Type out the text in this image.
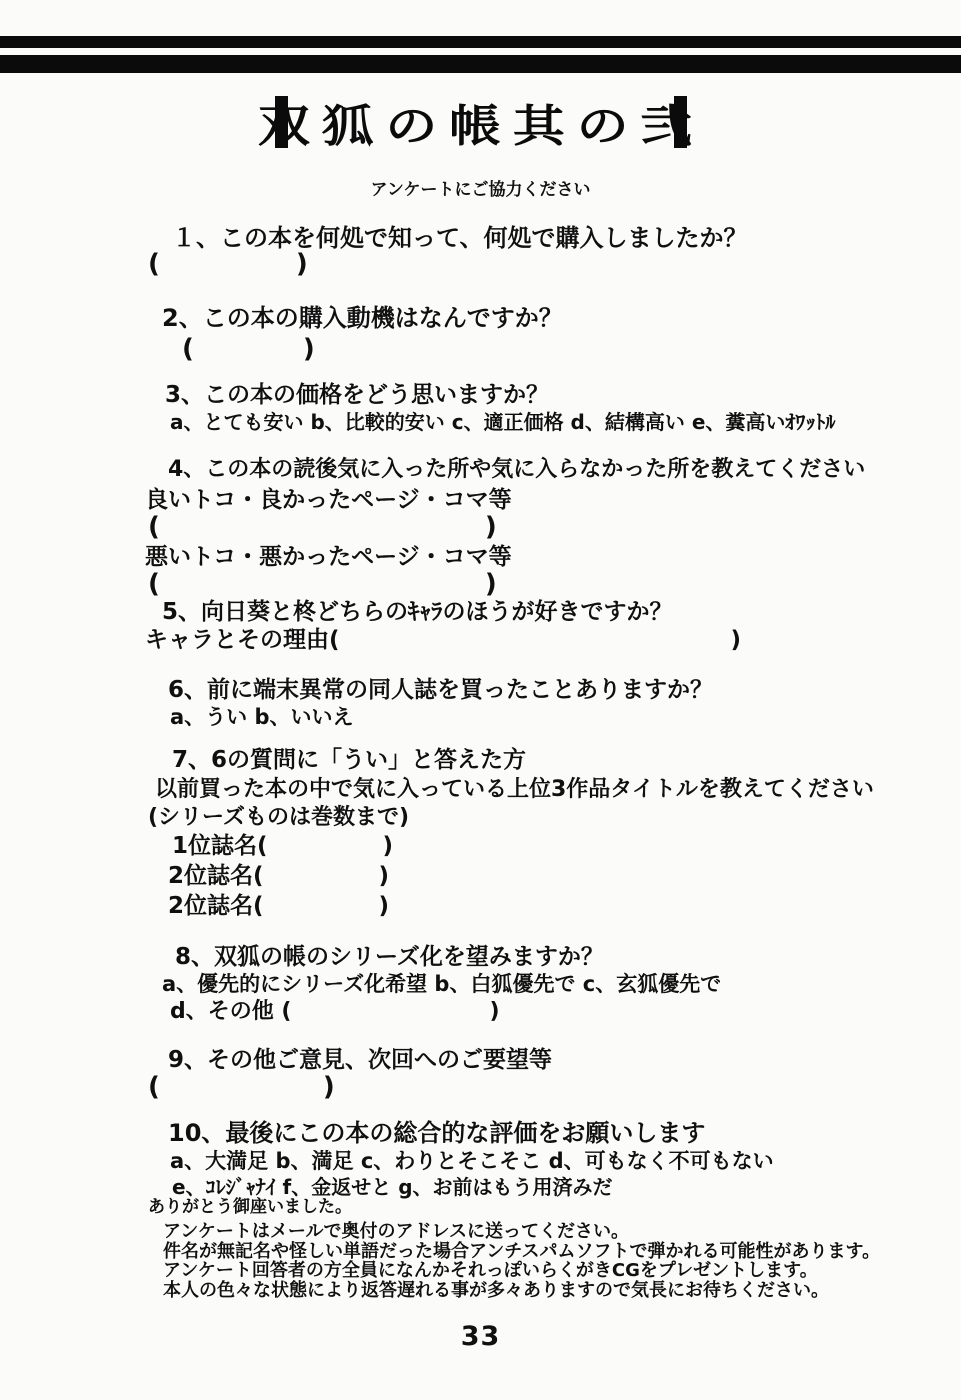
双狐の帳其の弐
アンケートにご協力ください
１、この本を何処で知って、何処で購入しましたか？
(　　　　　)
2、この本の購入動機はなんですか？
(　　　　)
3、この本の価格をどう思いますか？
a、とても安い b、比較的安い c、適正価格 d、結構高い e、糞高いｵﾜｯﾄﾙ
4、この本の読後気に入った所や気に入らなかった所を教えてください
良いトコ・良かったページ・コマ等
(　　　　　　　　　　　　)
悪いトコ・悪かったページ・コマ等
(　　　　　　　　　　　　)
5、向日葵と柊どちらのｷｬﾗのほうが好きですか？
キャラとその理由(　　　　　　　　　　　　　　　　　)
6、前に端末異常の同人誌を買ったことありますか？
a、うい b、いいえ
7、6の質問に「うい」と答えた方
以前買った本の中で気に入っている上位3作品タイトルを教えてください
(シリーズものは巻数まで)
1位誌名(　　　　　)
2位誌名(　　　　　)
2位誌名(　　　　　)
8、双狐の帳のシリーズ化を望みますか？
a、優先的にシリーズ化希望 b、白狐優先で c、玄狐優先で
d、その他 (　　　　　　　　　)
9、その他ご意見、次回へのご要望等
(　　　　　　)
10、最後にこの本の総合的な評価をお願いします
a、大満足 b、満足 c、わりとそこそこ d、可もなく不可もない
e、ｺﾚｼﾞｬﾅｲ f、金返せと g、お前はもう用済みだ
ありがとう御座いました。
アンケートはメールで奥付のアドレスに送ってください。
件名が無記名や怪しい単語だった場合アンチスパムソフトで弾かれる可能性があります。
アンケート回答者の方全員になんかそれっぽいらくがきCGをプレゼントします。
本人の色々な状態により返答遅れる事が多々ありますので気長にお待ちください。
33
